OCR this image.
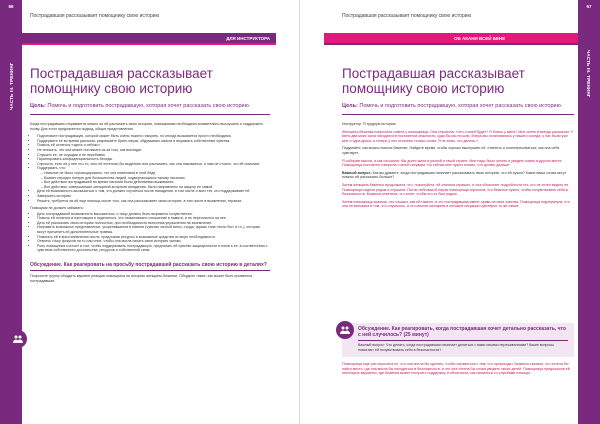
66
ЧАСТЬ III. ТРЕНИНГ
Пострадавшая рассказывает помощнику свою историю
ДЛЯ ИНСТРУКТОРА
Пострадавшая рассказывает помощнику свою историю

Цель: Помочь и подготовить пострадавшую, которая хочет рассказать свою историю.

Когда пострадавшая открывается можно ли ей рассказать свою историю, помощникам необходимо внимательно выслушать и поддержать почву. Для этого предлагается подход, общие представления:

• Подготовьте пострадавшую, которой может быть очень тяжело говорить, но иногда вызывается просто необходимо.
• Поддержите её во время рассказа; разрешайте брать паузы, обдумывать мысли и выражать собственные чувства.
• Помочь ей остаться «здесь и сейчас».
• Не спешить, что она может поплакать из-за того, как выглядит.
• Слушать ее, не осуждая и не перебивая.
• Гарантировать конфиденциальность беседы.
• Спросить, есть ли у нее что-то, чего ей хотелось бы выделить или рассказать, как она называется, и нам не стоило, что ей помогает.
• Поддержать, что:
– Насилие не было спровоцировано, что она невиновна в этой беде.
– Бывает нередко потерю для большинства людей, подвергающихся такому насилию.
– Все действия пострадавшей во время насилия были действиями выживания.
– Все действия, совершаемые женщиной во время нападения, были направлены на защиту ее самой.
• Дать ей возможность высказаться о том, что должно случиться после нападения, в том числе о всех тех, кто поддерживает её.
• Завершить историю.
• Решить, требуется ли ей еще помощь после того, как она рассказывает свою историю, в том числе в выявлении, терапии.

Помощник не должен забывать:

• Дать пострадавшей возможность высказаться, и лицо должно быть выражено сочувственно.
• Помочь ей остаться в настоящем и поделиться, что немаловажно отношение в памяти, а не переносится на нее.
• Дать ей рассказать свою историю полностью, при необходимости выполнив упражнения на заземление.
• Исправить возможное представление, укоренившееся в памяти (чувство личной вины, стыда, фразы типа «если бы» и т.п.), которые могут причинить ей дополнительные травмы.
• Помогать ей в восстановлении после, предложив ресурсы и возможные средства по мере необходимости.
• Отвлечь точку фокусов на то или иное, чтобы она могла начать свою историю заново.
• Роль помощника состоит в том, чтобы поддерживать пострадавшую, предлагать ей чувство защищенности и понять ее, в соответствии с чувством собственного достоинства, ресурсов и собственной силы.
Обсуждение. Как реагировать на просьбу пострадавшей рассказать свою историю в деталях?

Попросите группу обсудить вариант реакции помощника на историю женщины-беженки. Обсудите также, как может быть проявлена пострадавшая.

67
ЧАСТЬ III. ТРЕНИНГ
Пострадавшая рассказывает помощнику свою историю
ОБ АКАНИ ВСЕЙ БЕНЕ
Пострадавшая рассказывает помощнику свою историю

Цель: Помочь и подготовить пострадавшую, которая хочет рассказать свою историю.

Инструктор. Я трудную историю.

Женщина-беженка попросила совета у помощницы. Она спросила: «Что с моей будет? Я боюсь у меня? Мне очень и всегда рассказал. У меня два моих сына находятся в постоянной опасности, куда бы мы ни шли. Вчера мы остановились у нашего соседа, у нас были уже мне и одна дочка, а теперь у них остались только слова. Я не знаю, что делать.»

Подумайте, как можно помочь беженке. Найдите время, чтобы хорошо выслушать её, ответить и поинтересоваться, как она себя чувствует.

Я собираю мысли, и как слышала. Мы долго жили в разной и такой стране. Мне надо было уехать и увидеть жизнь в другом месте. Помощница постоянно говорила о моей ситуации. Но сейчас мне нужно понять, что делать дальше.

Важный вопрос: Как вы думаете, когда пострадавшая начинает рассказывать свою историю, что ей нужно? Какие ваши слова могут помочь ей рассказать больше?

Затем женщина-беженка продолжила, что, пожалуйста, ей сначала страшно, и она объясняет подробности тех, кто не хотел видеть ее. Помощница сидела рядом и слушала. После небольшой паузы помощница спросила, что беженке нужно, чтобы почувствовать себя в безопасности. Беженка ответила, что хочет, чтобы кто-то был рядом.

Затем помощница сказала, что слышит, как ей тяжело, и что пострадавшая имеет право на свои чувства. Помощница подчеркнула, что она не виновата в том, что случилось, и что многие женщины в похожей ситуации чувствуют то же самое.

Обсуждение. Как реагировать, когда пострадавшая хочет детально рассказать, что с ней случилось? (25 минут)

Важный вопрос: Что делать, когда пострадавшая начинает делиться с вами своими переживаниями? Какие вопросы помогают ей почувствовать себя в безопасности?

Помощница еще раз спросила ее, что она могла бы сделать, чтобы справиться с тем, что происходит. Беженка сказала, что хотела бы найти место, где она могла бы находиться в безопасности, и что она хотела бы снова увидеть своих детей. Помощница предложила ей некоторые варианты, где беженка может получить поддержку, и объяснила, как связаться со службами помощи.
